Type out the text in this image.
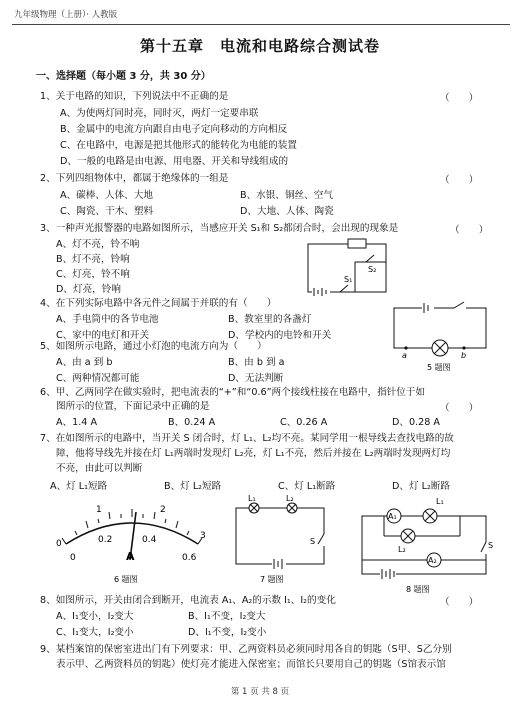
九年级物理（上册）· 人教版
第十五章　电流和电路综合测试卷
一、选择题（每小题 3 分，共 30 分）
1、关于电路的知识，下列说法中不正确的是	（　　）
A、为使两灯同时亮，同时灭，两灯一定要串联
B、金属中的电流方向跟自由电子定向移动的方向相反
C、在电路中，电源是把其他形式的能转化为电能的装置
D、一般的电路是由电源、用电器、开关和导线组成的
2、下列四组物体中，都属于绝缘体的一组是	（　　）
A、碳棒、人体、大地	B、水银、铜丝、空气
C、陶瓷、干木、塑料	D、大地、人体、陶瓷
3、一种声光报警器的电路如图所示，当感应开关 S₁和 S₂都闭合时，会出现的现象是	（　　）
A、灯不亮，铃不响
B、灯不亮，铃响
C、灯亮，铃不响
D、灯亮，铃响
S₁
S₂
4、在下列实际电路中各元件之间属于并联的有（　　）
A、手电筒中的各节电池	B、教室里的各盏灯
C、家中的电灯和开关	D、学校内的电铃和开关
a	b
5 题图
5、如图所示电路，通过小灯泡的电流方向为（　　）
A、由 a 到 b	B、由 b 到 a
C、两种情况都可能	D、无法判断
6、甲、乙两同学在做实验时，把电流表的“+”和“0.6”两个接线柱接在电路中，指针位于如
图所示的位置，下面记录中正确的是	（　　）
A、1.4 A	B、0.24 A	C、0.26 A	D、0.28 A
7、在如图所示的电路中，当开关 S 闭合时，灯 L₁、L₂均不亮。某同学用一根导线去查找电路的故
障，他将导线先并接在灯 L₁两端时发现灯 L₂亮，灯 L₁不亮，然后并接在 L₂两端时发现两灯均
不亮，由此可以判断
A、灯 L₁短路	B、灯 L₂短路	C、灯 L₁断路	D、灯 L₂断路
0
1	2
3
0
0.2	0.4
0.6
A
6 题图
L₁	L₂
S
7 题图
A₁
L₁
L₂
A₂
S
8 题图
8、如图所示，开关由闭合到断开，电流表 A₁、A₂的示数 I₁、I₂的变化	（　　）
A、I₁变小，I₂变大	B、I₁不变，I₂变大
C、I₁变大，I₂变小	D、I₁不变，I₂变小
9、某档案馆的保密室进出门有下列要求：甲、乙两资料员必须同时用各自的钥匙（S甲、S乙分别
表示甲、乙两资料员的钥匙）使灯亮才能进入保密室；而馆长只要用自己的钥匙（S馆表示馆
第 1 页 共 8 页
